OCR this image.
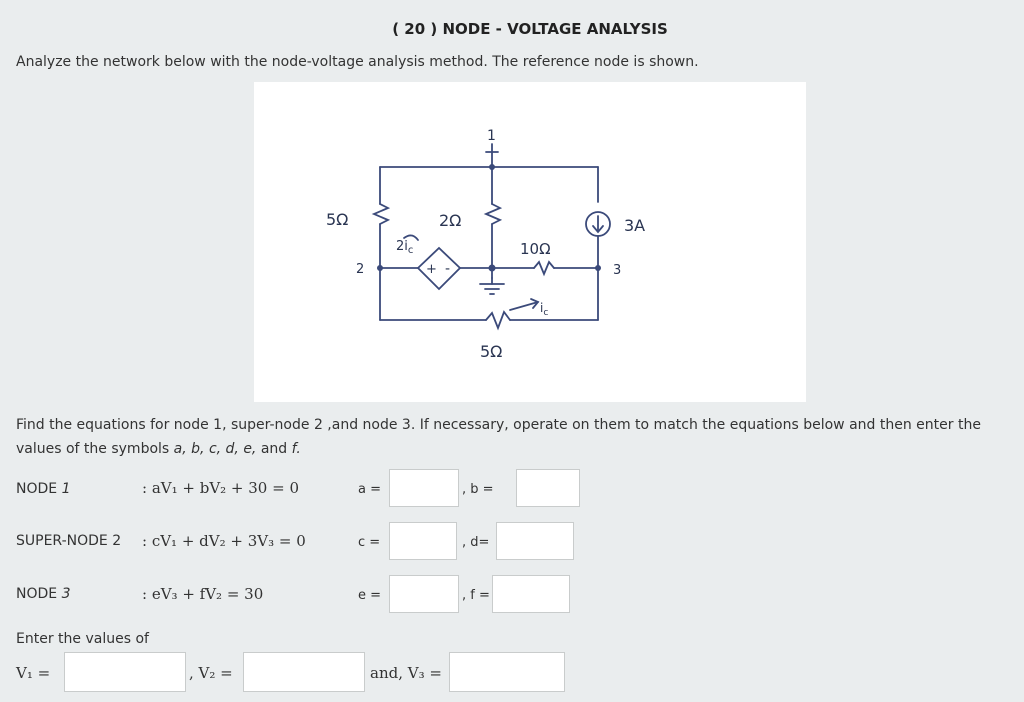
( 20 ) NODE - VOLTAGE ANALYSIS
Analyze the network below with the node-voltage analysis method. The reference node is shown.
1
2	3
5Ω	2Ω
10Ω
5Ω
$2i_c$
+ -
$i_c$
3A
Find the equations for node 1, super-node 2 ,and node 3. If necessary, operate on them to match the equations below and then enter the
values of the symbols a, b, c, d, e, and f.
NODE 1	: aV₁ + bV₂ + 30 = 0	a =	, b =
SUPER-NODE 2 : cV₁ + dV₂ + 3V₃ = 0	c =	, d=
NODE 3	: eV₃ + fV₂ = 30	e =	, f =
Enter the values of
V₁ =	, V₂ =	and, V₃ =
